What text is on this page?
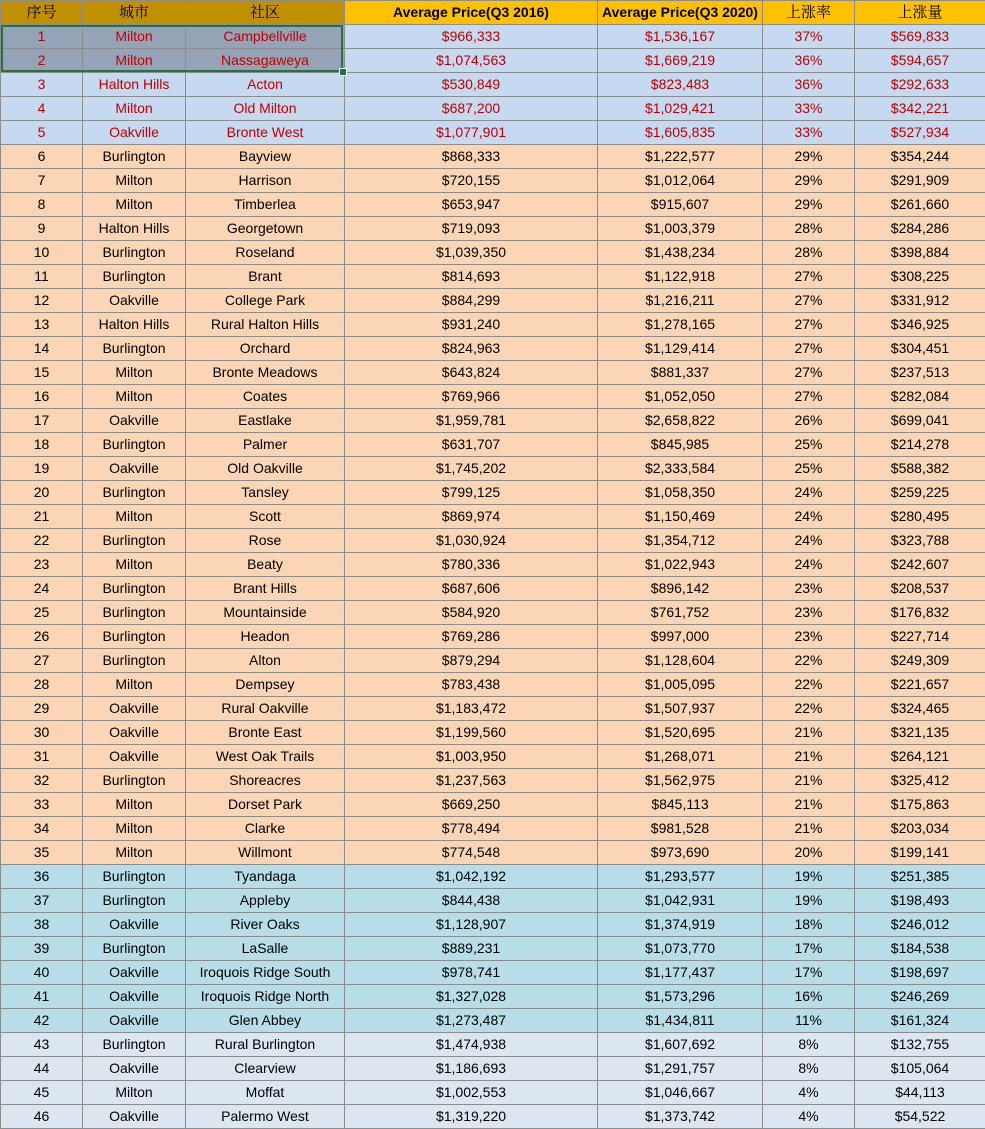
序号	城市	社区	Average Price(Q3 2016)	Average Price(Q3 2020)	上涨率	上涨量
1	Milton	Campbellville	$966,333	$1,536,167	37%	$569,833
2	Milton	Nassagaweya	$1,074,563	$1,669,219	36%	$594,657
3	Halton Hills	Acton	$530,849	$823,483	36%	$292,633
4	Milton	Old Milton	$687,200	$1,029,421	33%	$342,221
5	Oakville	Bronte West	$1,077,901	$1,605,835	33%	$527,934
6	Burlington	Bayview	$868,333	$1,222,577	29%	$354,244
7	Milton	Harrison	$720,155	$1,012,064	29%	$291,909
8	Milton	Timberlea	$653,947	$915,607	29%	$261,660
9	Halton Hills	Georgetown	$719,093	$1,003,379	28%	$284,286
10	Burlington	Roseland	$1,039,350	$1,438,234	28%	$398,884
11	Burlington	Brant	$814,693	$1,122,918	27%	$308,225
12	Oakville	College Park	$884,299	$1,216,211	27%	$331,912
13	Halton Hills	Rural Halton Hills	$931,240	$1,278,165	27%	$346,925
14	Burlington	Orchard	$824,963	$1,129,414	27%	$304,451
15	Milton	Bronte Meadows	$643,824	$881,337	27%	$237,513
16	Milton	Coates	$769,966	$1,052,050	27%	$282,084
17	Oakville	Eastlake	$1,959,781	$2,658,822	26%	$699,041
18	Burlington	Palmer	$631,707	$845,985	25%	$214,278
19	Oakville	Old Oakville	$1,745,202	$2,333,584	25%	$588,382
20	Burlington	Tansley	$799,125	$1,058,350	24%	$259,225
21	Milton	Scott	$869,974	$1,150,469	24%	$280,495
22	Burlington	Rose	$1,030,924	$1,354,712	24%	$323,788
23	Milton	Beaty	$780,336	$1,022,943	24%	$242,607
24	Burlington	Brant Hills	$687,606	$896,142	23%	$208,537
25	Burlington	Mountainside	$584,920	$761,752	23%	$176,832
26	Burlington	Headon	$769,286	$997,000	23%	$227,714
27	Burlington	Alton	$879,294	$1,128,604	22%	$249,309
28	Milton	Dempsey	$783,438	$1,005,095	22%	$221,657
29	Oakville	Rural Oakville	$1,183,472	$1,507,937	22%	$324,465
30	Oakville	Bronte East	$1,199,560	$1,520,695	21%	$321,135
31	Oakville	West Oak Trails	$1,003,950	$1,268,071	21%	$264,121
32	Burlington	Shoreacres	$1,237,563	$1,562,975	21%	$325,412
33	Milton	Dorset Park	$669,250	$845,113	21%	$175,863
34	Milton	Clarke	$778,494	$981,528	21%	$203,034
35	Milton	Willmont	$774,548	$973,690	20%	$199,141
36	Burlington	Tyandaga	$1,042,192	$1,293,577	19%	$251,385
37	Burlington	Appleby	$844,438	$1,042,931	19%	$198,493
38	Oakville	River Oaks	$1,128,907	$1,374,919	18%	$246,012
39	Burlington	LaSalle	$889,231	$1,073,770	17%	$184,538
40	Oakville	Iroquois Ridge South	$978,741	$1,177,437	17%	$198,697
41	Oakville	Iroquois Ridge North	$1,327,028	$1,573,296	16%	$246,269
42	Oakville	Glen Abbey	$1,273,487	$1,434,811	11%	$161,324
43	Burlington	Rural Burlington	$1,474,938	$1,607,692	8%	$132,755
44	Oakville	Clearview	$1,186,693	$1,291,757	8%	$105,064
45	Milton	Moffat	$1,002,553	$1,046,667	4%	$44,113
46	Oakville	Palermo West	$1,319,220	$1,373,742	4%	$54,522
